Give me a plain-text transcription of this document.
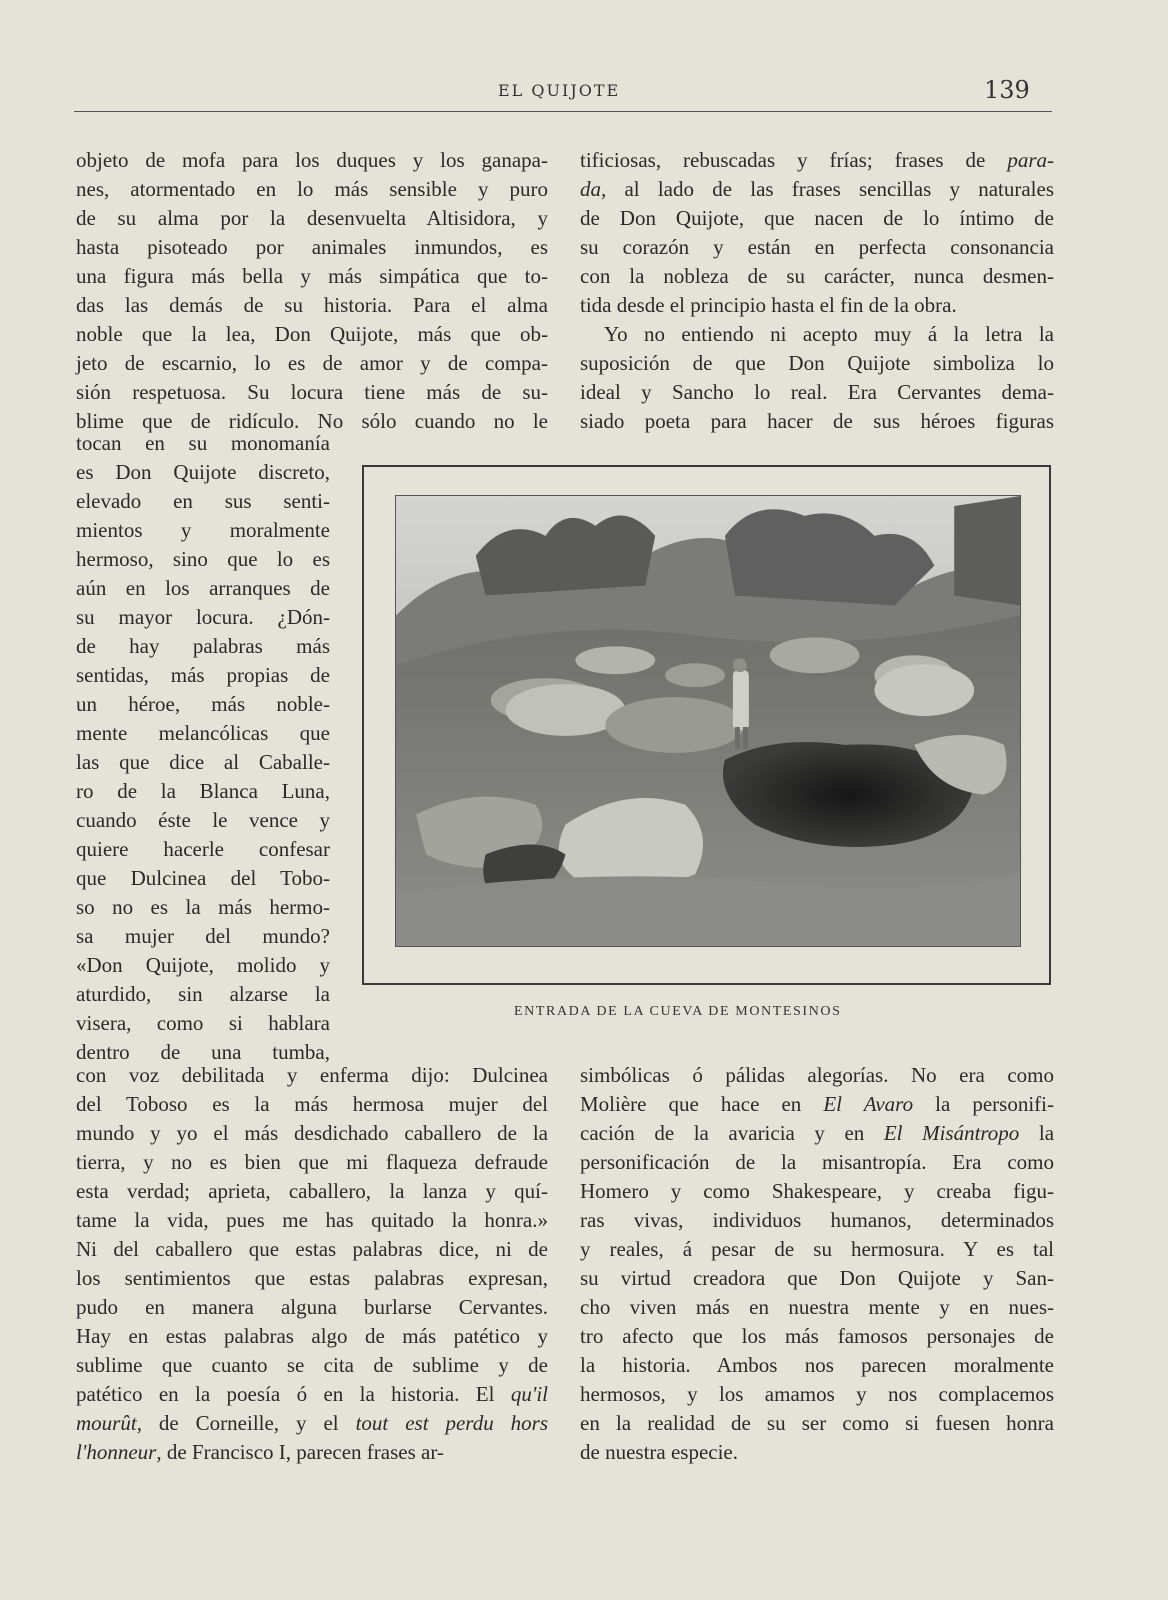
EL QUIJOTE	139

objeto de mofa para los duques y los ganapa-

nes, atormentado en lo más sensible y puro

de su alma por la desenvuelta Altisidora, y

hasta pisoteado por animales inmundos, es

una figura más bella y más simpática que to-

das las demás de su historia. Para el alma

noble que la lea, Don Quijote, más que ob-

jeto de escarnio, lo es de amor y de compa-

sión respetuosa. Su locura tiene más de su-

blime que de ridículo. No sólo cuando no le

tocan en su monomanía

es Don Quijote discreto,

elevado en sus senti-

mientos y moralmente

hermoso, sino que lo es

aún en los arranques de

su mayor locura. ¿Dón-

de hay palabras más

sentidas, más propias de

un héroe, más noble-

mente melancólicas que

las que dice al Caballe-

ro de la Blanca Luna,

cuando éste le vence y

quiere hacerle confesar

que Dulcinea del Tobo-

so no es la más hermo-

sa mujer del mundo?

«Don Quijote, molido y

aturdido, sin alzarse la

visera, como si hablara

dentro de una tumba,

con voz debilitada y enferma dijo: Dulcinea

del Toboso es la más hermosa mujer del

mundo y yo el más desdichado caballero de la

tierra, y no es bien que mi flaqueza defraude

esta verdad; aprieta, caballero, la lanza y quí-

tame la vida, pues me has quitado la honra.»

Ni del caballero que estas palabras dice, ni de

los sentimientos que estas palabras expresan,

pudo en manera alguna burlarse Cervantes.

Hay en estas palabras algo de más patético y

sublime que cuanto se cita de sublime y de

patético en la poesía ó en la historia. El qu'il

mourût, de Corneille, y el tout est perdu hors

l'honneur, de Francisco I, parecen frases ar-

tificiosas, rebuscadas y frías; frases de para-

da, al lado de las frases sencillas y naturales

de Don Quijote, que nacen de lo íntimo de

su corazón y están en perfecta consonancia

con la nobleza de su carácter, nunca desmen-

tida desde el principio hasta el fin de la obra.

Yo no entiendo ni acepto muy á la letra la

suposición de que Don Quijote simboliza lo

ideal y Sancho lo real. Era Cervantes dema-

siado poeta para hacer de sus héroes figuras

simbólicas ó pálidas alegorías. No era como

Molière que hace en El Avaro la personifi-

cación de la avaricia y en El Misántropo la

personificación de la misantropía. Era como

Homero y como Shakespeare, y creaba figu-

ras vivas, individuos humanos, determinados

y reales, á pesar de su hermosura. Y es tal

su virtud creadora que Don Quijote y San-

cho viven más en nuestra mente y en nues-

tro afecto que los más famosos personajes de

la historia. Ambos nos parecen moralmente

hermosos, y los amamos y nos complacemos

en la realidad de su ser como si fuesen honra

de nuestra especie.

ENTRADA DE LA CUEVA DE MONTESINOS
